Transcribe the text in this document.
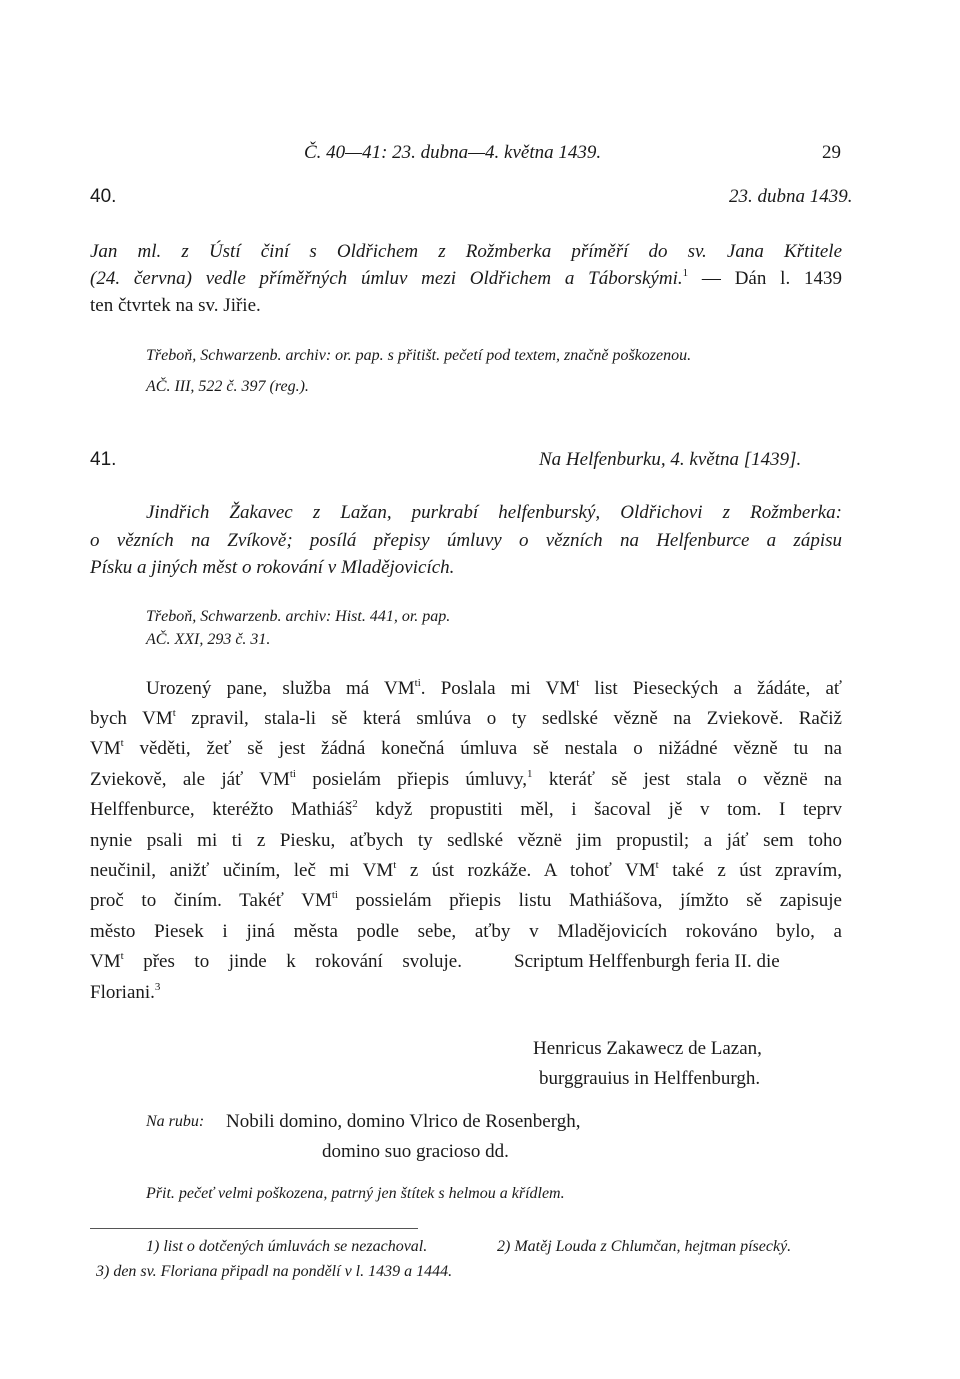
Č. 40—41: 23. dubna—4. května 1439.	29
40.	23. dubna 1439.
Jan ml. z Ústí činí s Oldřichem z Rožmberka příměří do sv. Jana Křtitele
(24. června) vedle příměřných úmluv mezi Oldřichem a Táborskými.$^1$ — Dán l. 1439
ten čtvrtek na sv. Jiřie.
Třeboň, Schwarzenb. archiv: or. pap. s přitišt. pečetí pod textem, značně poškozenou.
AČ. III, 522 č. 397 (reg.).
41.	Na Helfenburku, 4. května [1439].
Jindřich Žakavec z Lažan, purkrabí helfenburský, Oldřichovi z Rožmberka:
o vězních na Zvíkově; posílá přepisy úmluvy o vězních na Helfenburce a zápisu
Písku a jiných měst o rokování v Mladějovicích.
Třeboň, Schwarzenb. archiv: Hist. 441, or. pap.
AČ. XXI, 293 č. 31.
Urozený pane, služba má $VM^{ti}$. Poslala mi $VM^t$ list Pieseckých a žádáte, ať
bych $VM^t$ zpravil, stala-li sě která smlúva o ty sedlské vězně na Zviekově. Račiž
$VM^t$ věděti, žeť sě jest žádná konečná úmluva sě nestala o nižádné vězně tu na
Zviekově, ale jáť $VM^{ti}$ posielám přiepis úmluvy,$^1$ kteráť sě jest stala o věznë na
Helffenburce, kteréžto Mathiáš$^2$ když propustiti měl, i šacoval jě v tom. I teprv
nynie psali mi ti z Piesku, aťbych ty sedlské věznë jim propustil; a jáť sem toho
neučinil, anižť učiním, leč mi $VM^t$ z úst rozkáže. A tohoť $VM^t$ také z úst zpravím,
proč to činím. Takéť $VM^{ti}$ possielám přiepis listu Mathiášova, jímžto sě zapisuje
město Piesek i jiná města podle sebe, aťby v Mladějovicích rokováno bylo, a
$VM^t$ přes to jinde k rokování svoluje.	Scriptum Helffenburgh feria II. die
Floriani.$^3$
Henricus Zakawecz de Lazan,
burggrauius in Helffenburgh.
Na rubu: Nobili domino, domino Vlrico de Rosenbergh,
domino suo gracioso dd.
Přit. pečeť velmi poškozena, patrný jen štítek s helmou a křídlem.
1) list o dotčených úmluvách se nezachoval.	2) Matěj Louda z Chlumčan, hejtman písecký.
3) den sv. Floriana připadl na pondělí v l. 1439 a 1444.
